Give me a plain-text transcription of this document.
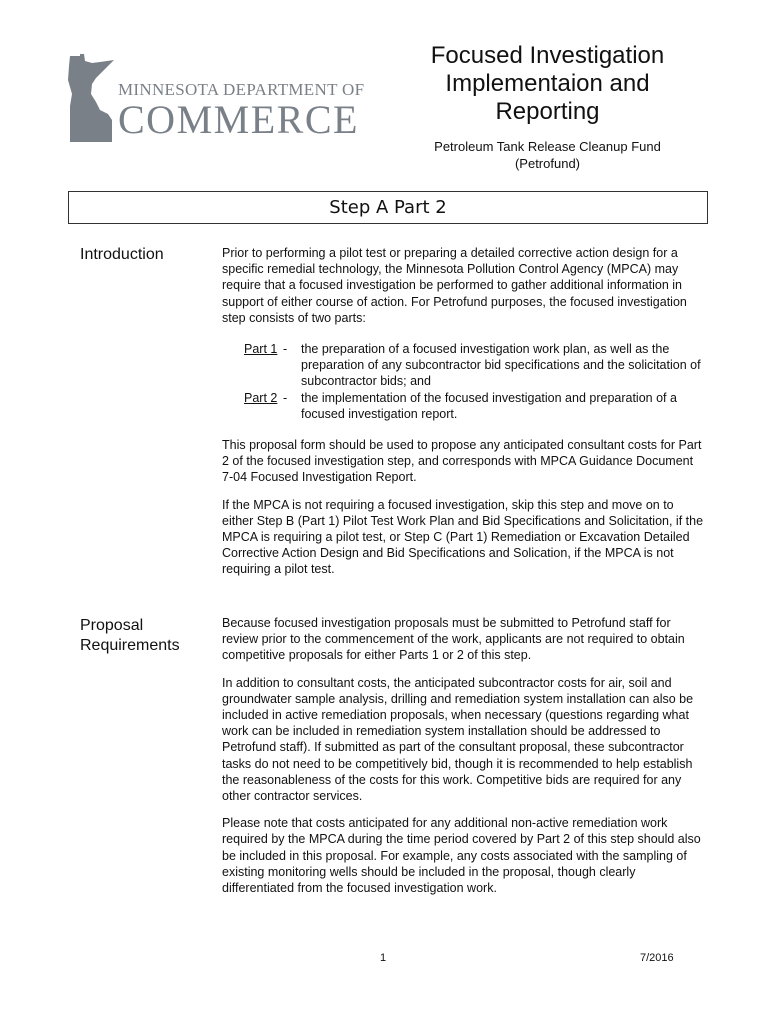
MINNESOTA DEPARTMENT OF
COMMERCE
Focused Investigation
Implementaion and
Reporting
Petroleum Tank Release Cleanup Fund
(Petrofund)
Step A Part 2
Introduction	Prior to performing a pilot test or preparing a detailed corrective action design for a specific remedial technology, the Minnesota Pollution Control Agency (MPCA) may require that a focused investigation be performed to gather additional information in support of either course of action. For Petrofund purposes, the focused investigation step consists of two parts:

Part 1 - the preparation of a focused investigation work plan, as well as the preparation of any subcontractor bid specifications and the solicitation of subcontractor bids; and
Part 2 - the implementation of the focused investigation and preparation of a focused investigation report.

This proposal form should be used to propose any anticipated consultant costs for Part 2 of the focused investigation step, and corresponds with MPCA Guidance Document 7-04 Focused Investigation Report.

If the MPCA is not requiring a focused investigation, skip this step and move on to either Step B (Part 1) Pilot Test Work Plan and Bid Specifications and Solicitation, if the MPCA is requiring a pilot test, or Step C (Part 1) Remediation or Excavation Detailed Corrective Action Design and Bid Specifications and Solication, if the MPCA is not requiring a pilot test.

Proposal
Requirements

Because focused investigation proposals must be submitted to Petrofund staff for review prior to the commencement of the work, applicants are not required to obtain competitive proposals for either Parts 1 or 2 of this step.

In addition to consultant costs, the anticipated subcontractor costs for air, soil and groundwater sample analysis, drilling and remediation system installation can also be included in active remediation proposals, when necessary (questions regarding what work can be included in remediation system installation should be addressed to Petrofund staff). If submitted as part of the consultant proposal, these subcontractor tasks do not need to be competitively bid, though it is recommended to help establish the reasonableness of the costs for this work. Competitive bids are required for any other contractor services.

Please note that costs anticipated for any additional non-active remediation work required by the MPCA during the time period covered by Part 2 of this step should also be included in this proposal. For example, any costs associated with the sampling of existing monitoring wells should be included in the proposal, though clearly differentiated from the focused investigation work.

1	7/2016
